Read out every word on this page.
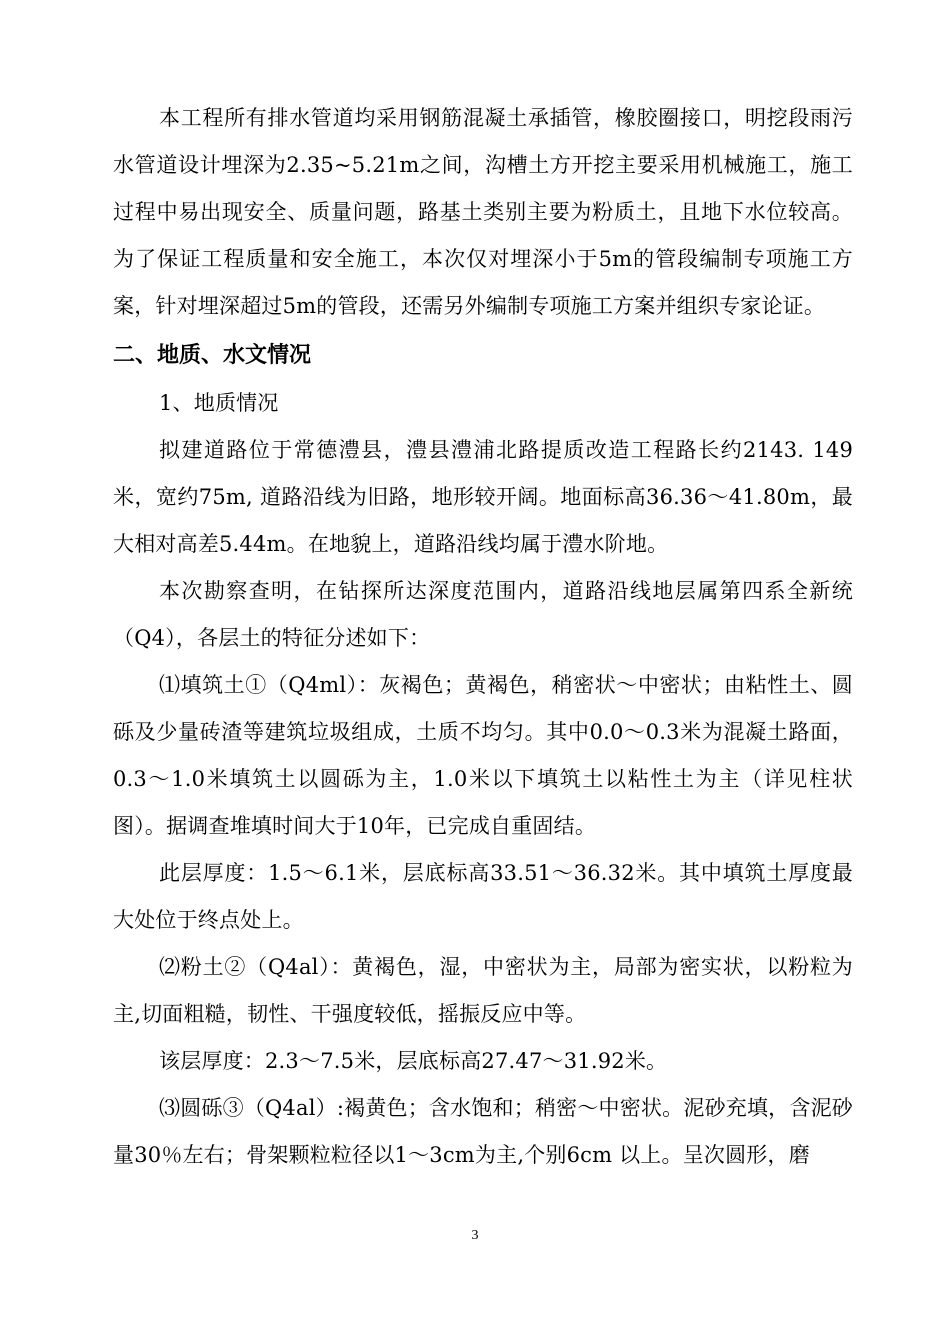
本工程所有排水管道均采用钢筋混凝土承插管，橡胶圈接口，明挖段雨污水管道设计埋深为2.35~5.21m之间，沟槽土方开挖主要采用机械施工，施工过程中易出现安全、质量问题，路基土类别主要为粉质土，且地下水位较高。为了保证工程质量和安全施工，本次仅对埋深小于5m的管段编制专项施工方案，针对埋深超过5m的管段，还需另外编制专项施工方案并组织专家论证。

二、地质、水文情况

1、地质情况

拟建道路位于常德澧县，澧县澧浦北路提质改造工程路长约2143. 149米，宽约75m, 道路沿线为旧路，地形较开阔。地面标高36.36～41.80m，最大相对高差5.44m。在地貌上，道路沿线均属于澧水阶地。

本次勘察查明，在钻探所达深度范围内，道路沿线地层属第四系全新统（Q4），各层土的特征分述如下：

⑴填筑土①（Q4ml）：灰褐色；黄褐色，稍密状～中密状；由粘性土、圆砾及少量砖渣等建筑垃圾组成，土质不均匀。其中0.0～0.3米为混凝土路面，0.3～1.0米填筑土以圆砾为主，1.0米以下填筑土以粘性土为主（详见柱状图）。据调查堆填时间大于10年，已完成自重固结。

此层厚度：1.5～6.1米，层底标高33.51～36.32米。其中填筑土厚度最大处位于终点处上。

⑵粉土②（Q4al）：黄褐色，湿，中密状为主，局部为密实状，以粉粒为主,切面粗糙，韧性、干强度较低，摇振反应中等。

该层厚度：2.3～7.5米，层底标高27.47～31.92米。

⑶圆砾③（Q4al）:褐黄色；含水饱和；稍密～中密状。泥砂充填，含泥砂量30％左右；骨架颗粒粒径以1～3cm为主,个别6cm 以上。呈次圆形，磨

3
